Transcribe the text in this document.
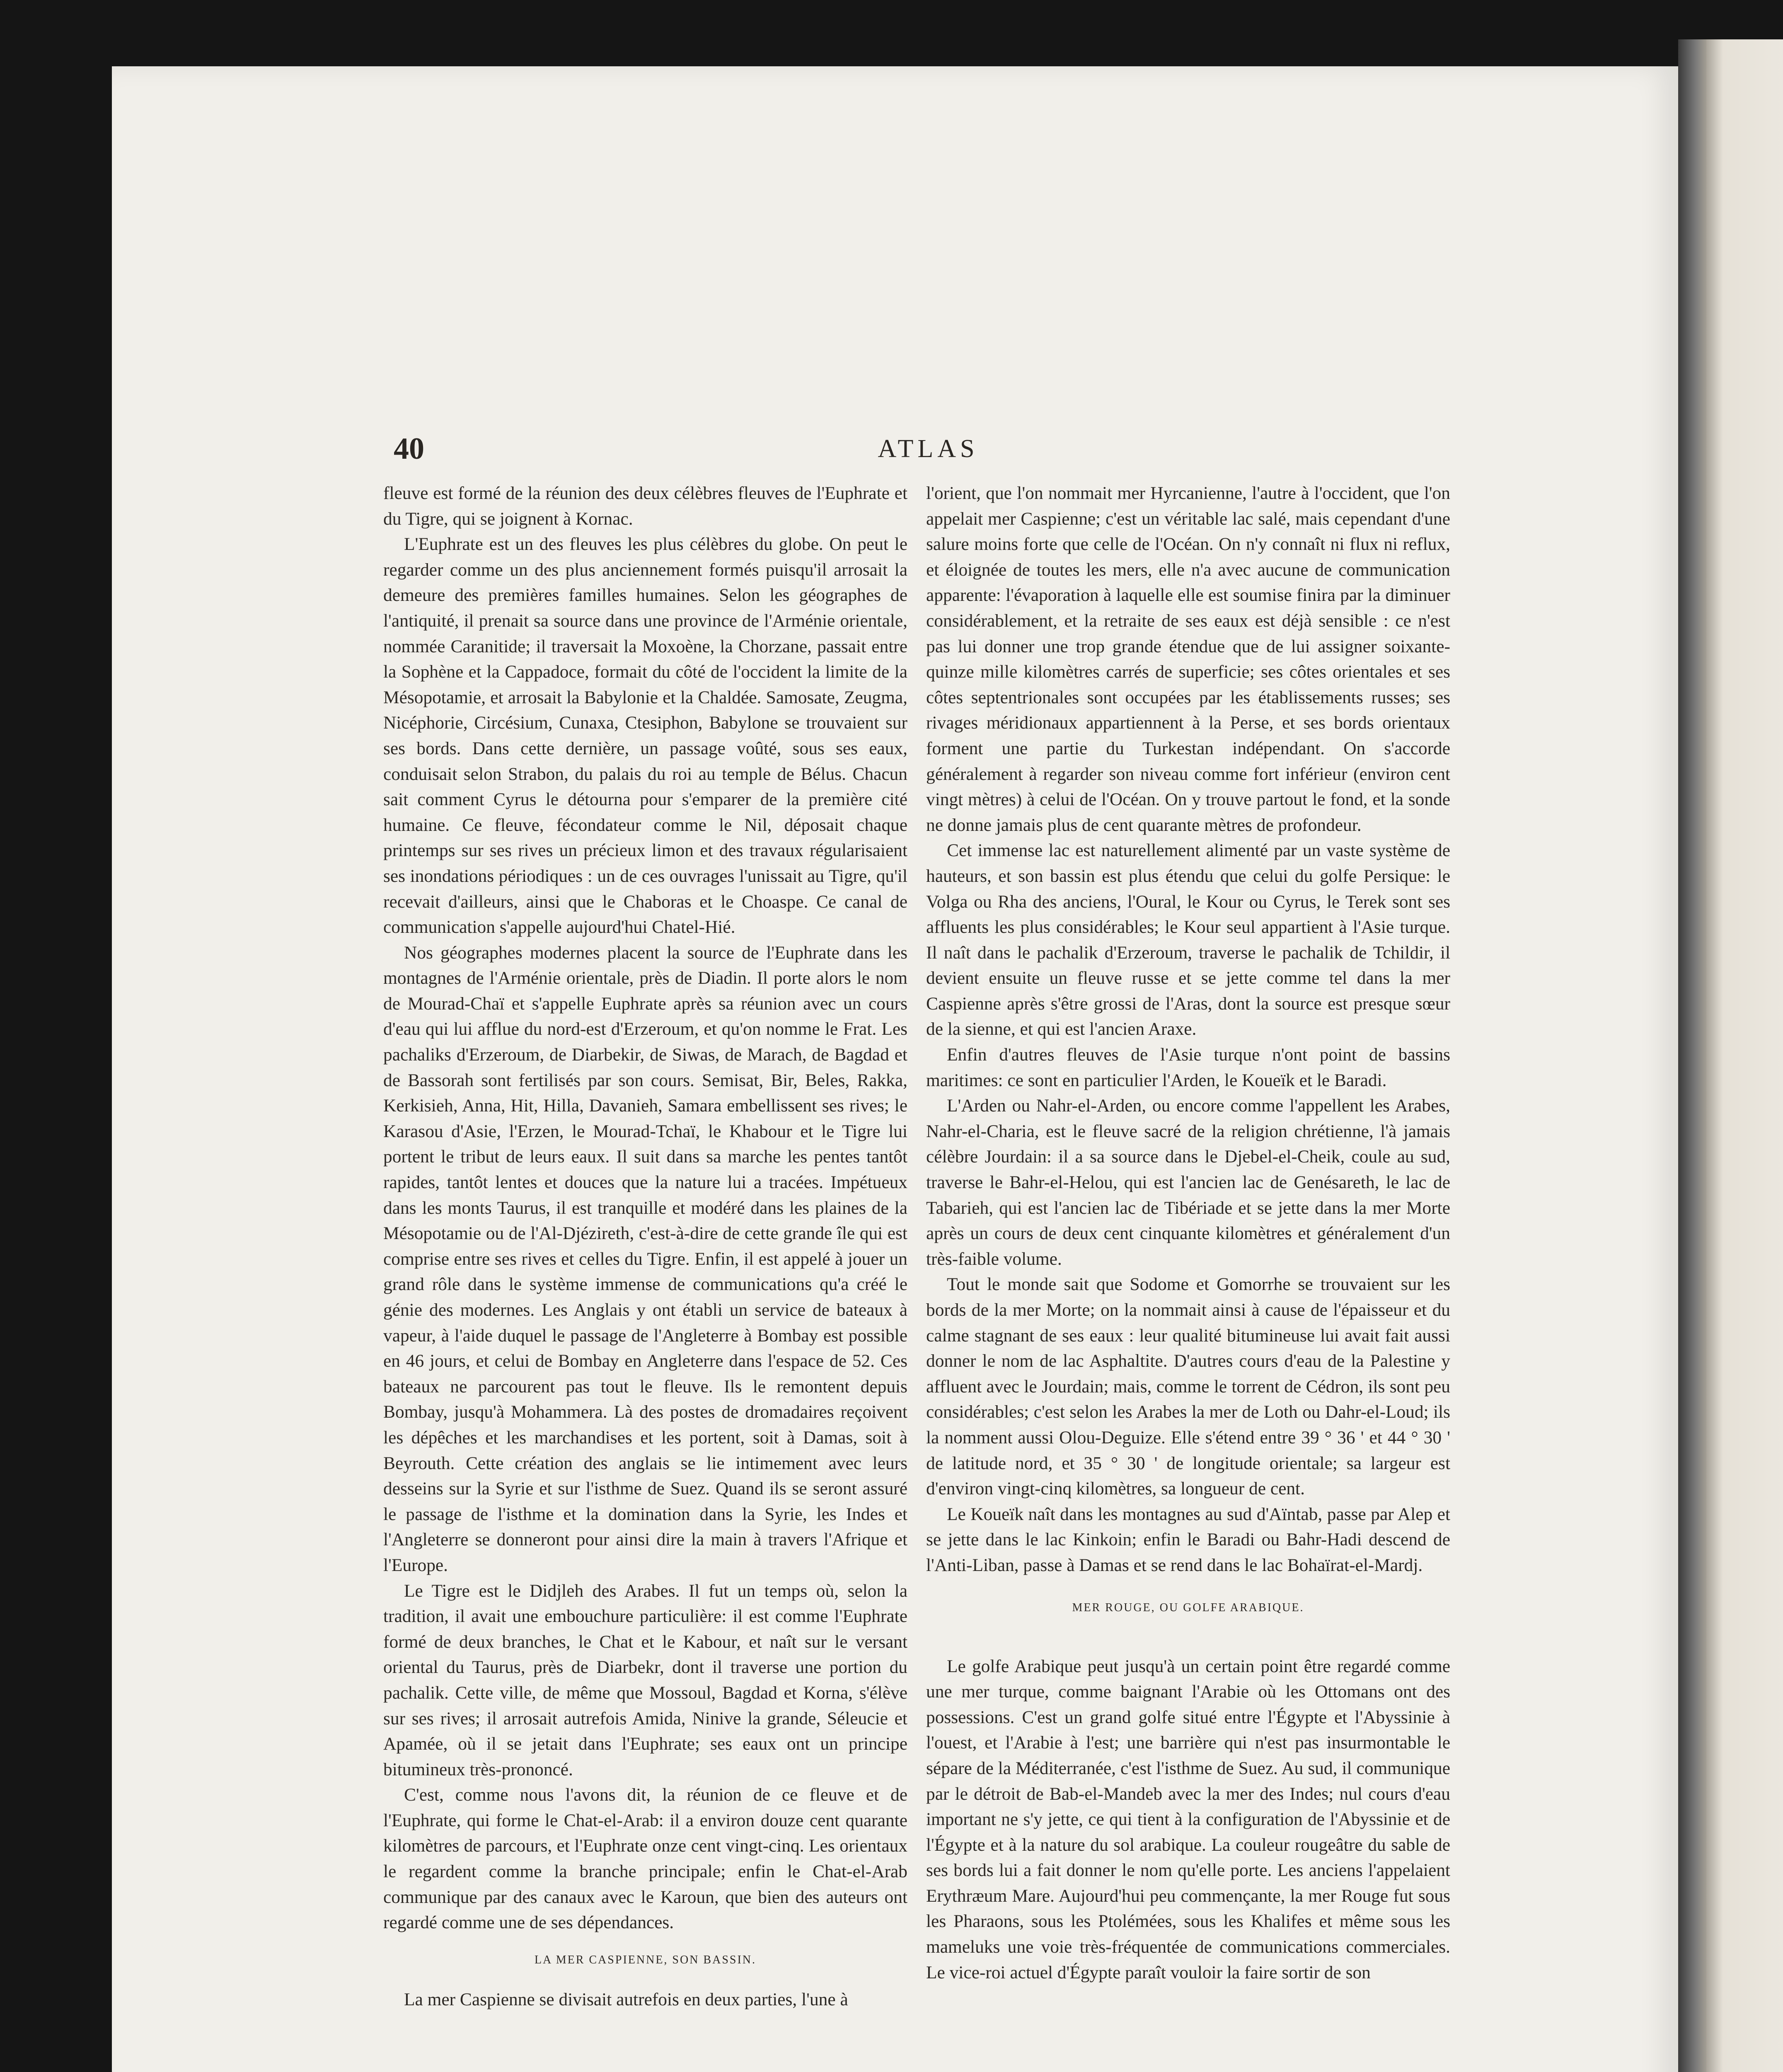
40	ATLAS

fleuve est formé de la réunion des deux célèbres fleuves de l'Euphrate et du Tigre, qui se joignent à Kornac.

L'Euphrate est un des fleuves les plus célèbres du globe. On peut le regarder comme un des plus anciennement formés puisqu'il arrosait la demeure des premières familles humaines. Selon les géographes de l'antiquité, il prenait sa source dans une province de l'Arménie orientale, nommée Caranitide; il traversait la Moxoène, la Chorzane, passait entre la Sophène et la Cappadoce, formait du côté de l'occident la limite de la Mésopotamie, et arrosait la Babylonie et la Chaldée. Samosate, Zeugma, Nicéphorie, Circésium, Cunaxa, Ctesiphon, Babylone se trouvaient sur ses bords. Dans cette dernière, un passage voûté, sous ses eaux, conduisait selon Strabon, du palais du roi au temple de Bélus. Chacun sait comment Cyrus le détourna pour s'emparer de la première cité humaine. Ce fleuve, fécondateur comme le Nil, déposait chaque printemps sur ses rives un précieux limon et des travaux régularisaient ses inondations périodiques : un de ces ouvrages l'unissait au Tigre, qu'il recevait d'ailleurs, ainsi que le Chaboras et le Choaspe. Ce canal de communication s'appelle aujourd'hui Chatel-Hié.

Nos géographes modernes placent la source de l'Euphrate dans les montagnes de l'Arménie orientale, près de Diadin. Il porte alors le nom de Mourad-Chaï et s'appelle Euphrate après sa réunion avec un cours d'eau qui lui afflue du nord-est d'Erzeroum, et qu'on nomme le Frat. Les pachaliks d'Erzeroum, de Diarbekir, de Siwas, de Marach, de Bagdad et de Bassorah sont fertilisés par son cours. Semisat, Bir, Beles, Rakka, Kerkisieh, Anna, Hit, Hilla, Davanieh, Samara embellissent ses rives; le Karasou d'Asie, l'Erzen, le Mourad-Tchaï, le Khabour et le Tigre lui portent le tribut de leurs eaux. Il suit dans sa marche les pentes tantôt rapides, tantôt lentes et douces que la nature lui a tracées. Impétueux dans les monts Taurus, il est tranquille et modéré dans les plaines de la Mésopotamie ou de l'Al-Djézireth, c'est-à-dire de cette grande île qui est comprise entre ses rives et celles du Tigre. Enfin, il est appelé à jouer un grand rôle dans le système immense de communications qu'a créé le génie des modernes. Les Anglais y ont établi un service de bateaux à vapeur, à l'aide duquel le passage de l'Angleterre à Bombay est possible en 46 jours, et celui de Bombay en Angleterre dans l'espace de 52. Ces bateaux ne parcourent pas tout le fleuve. Ils le remontent depuis Bombay, jusqu'à Mohammera. Là des postes de dromadaires reçoivent les dépêches et les marchandises et les portent, soit à Damas, soit à Beyrouth. Cette création des anglais se lie intimement avec leurs desseins sur la Syrie et sur l'isthme de Suez. Quand ils se seront assuré le passage de l'isthme et la domination dans la Syrie, les Indes et l'Angleterre se donneront pour ainsi dire la main à travers l'Afrique et l'Europe.

Le Tigre est le Didjleh des Arabes. Il fut un temps où, selon la tradition, il avait une embouchure particulière: il est comme l'Euphrate formé de deux branches, le Chat et le Kabour, et naît sur le versant oriental du Taurus, près de Diarbekr, dont il traverse une portion du pachalik. Cette ville, de même que Mossoul, Bagdad et Korna, s'élève sur ses rives; il arrosait autrefois Amida, Ninive la grande, Séleucie et Apamée, où il se jetait dans l'Euphrate; ses eaux ont un principe bitumineux très-prononcé.

C'est, comme nous l'avons dit, la réunion de ce fleuve et de l'Euphrate, qui forme le Chat-el-Arab: il a environ douze cent quarante kilomètres de parcours, et l'Euphrate onze cent vingt-cinq. Les orientaux le regardent comme la branche principale; enfin le Chat-el-Arab communique par des canaux avec le Karoun, que bien des auteurs ont regardé comme une de ses dépendances.

LA MER CASPIENNE, SON BASSIN.

La mer Caspienne se divisait autrefois en deux parties, l'une à

l'orient, que l'on nommait mer Hyrcanienne, l'autre à l'occident, que l'on appelait mer Caspienne; c'est un véritable lac salé, mais cependant d'une salure moins forte que celle de l'Océan. On n'y connaît ni flux ni reflux, et éloignée de toutes les mers, elle n'a avec aucune de communication apparente: l'évaporation à laquelle elle est soumise finira par la diminuer considérablement, et la retraite de ses eaux est déjà sensible : ce n'est pas lui donner une trop grande étendue que de lui assigner soixante-quinze mille kilomètres carrés de superficie; ses côtes orientales et ses côtes septentrionales sont occupées par les établissements russes; ses rivages méridionaux appartiennent à la Perse, et ses bords orientaux forment une partie du Turkestan indépendant. On s'accorde généralement à regarder son niveau comme fort inférieur (environ cent vingt mètres) à celui de l'Océan. On y trouve partout le fond, et la sonde ne donne jamais plus de cent quarante mètres de profondeur.

Cet immense lac est naturellement alimenté par un vaste système de hauteurs, et son bassin est plus étendu que celui du golfe Persique: le Volga ou Rha des anciens, l'Oural, le Kour ou Cyrus, le Terek sont ses affluents les plus considérables; le Kour seul appartient à l'Asie turque. Il naît dans le pachalik d'Erzeroum, traverse le pachalik de Tchildir, il devient ensuite un fleuve russe et se jette comme tel dans la mer Caspienne après s'être grossi de l'Aras, dont la source est presque sœur de la sienne, et qui est l'ancien Araxe.

Enfin d'autres fleuves de l'Asie turque n'ont point de bassins maritimes: ce sont en particulier l'Arden, le Koueïk et le Baradi.

L'Arden ou Nahr-el-Arden, ou encore comme l'appellent les Arabes, Nahr-el-Charia, est le fleuve sacré de la religion chrétienne, l'à jamais célèbre Jourdain: il a sa source dans le Djebel-el-Cheik, coule au sud, traverse le Bahr-el-Helou, qui est l'ancien lac de Genésareth, le lac de Tabarieh, qui est l'ancien lac de Tibériade et se jette dans la mer Morte après un cours de deux cent cinquante kilomètres et généralement d'un très-faible volume.

Tout le monde sait que Sodome et Gomorrhe se trouvaient sur les bords de la mer Morte; on la nommait ainsi à cause de l'épaisseur et du calme stagnant de ses eaux : leur qualité bitumineuse lui avait fait aussi donner le nom de lac Asphaltite. D'autres cours d'eau de la Palestine y affluent avec le Jourdain; mais, comme le torrent de Cédron, ils sont peu considérables; c'est selon les Arabes la mer de Loth ou Dahr-el-Loud; ils la nomment aussi Olou-Deguize. Elle s'étend entre 39 ° 36 ' et 44 ° 30 ' de latitude nord, et 35 ° 30 ' de longitude orientale; sa largeur est d'environ vingt-cinq kilomètres, sa longueur de cent.

Le Koueïk naît dans les montagnes au sud d'Aïntab, passe par Alep et se jette dans le lac Kinkoin; enfin le Baradi ou Bahr-Hadi descend de l'Anti-Liban, passe à Damas et se rend dans le lac Bohaïrat-el-Mardj.

MER ROUGE, OU GOLFE ARABIQUE.

Le golfe Arabique peut jusqu'à un certain point être regardé comme une mer turque, comme baignant l'Arabie où les Ottomans ont des possessions. C'est un grand golfe situé entre l'Égypte et l'Abyssinie à l'ouest, et l'Arabie à l'est; une barrière qui n'est pas insurmontable le sépare de la Méditerranée, c'est l'isthme de Suez. Au sud, il communique par le détroit de Bab-el-Mandeb avec la mer des Indes; nul cours d'eau important ne s'y jette, ce qui tient à la configuration de l'Abyssinie et de l'Égypte et à la nature du sol arabique. La couleur rougeâtre du sable de ses bords lui a fait donner le nom qu'elle porte. Les anciens l'appelaient Erythræum Mare. Aujourd'hui peu commençante, la mer Rouge fut sous les Pharaons, sous les Ptolémées, sous les Khalifes et même sous les mameluks une voie très-fréquentée de communications commerciales. Le vice-roi actuel d'Égypte paraît vouloir la faire sortir de son
